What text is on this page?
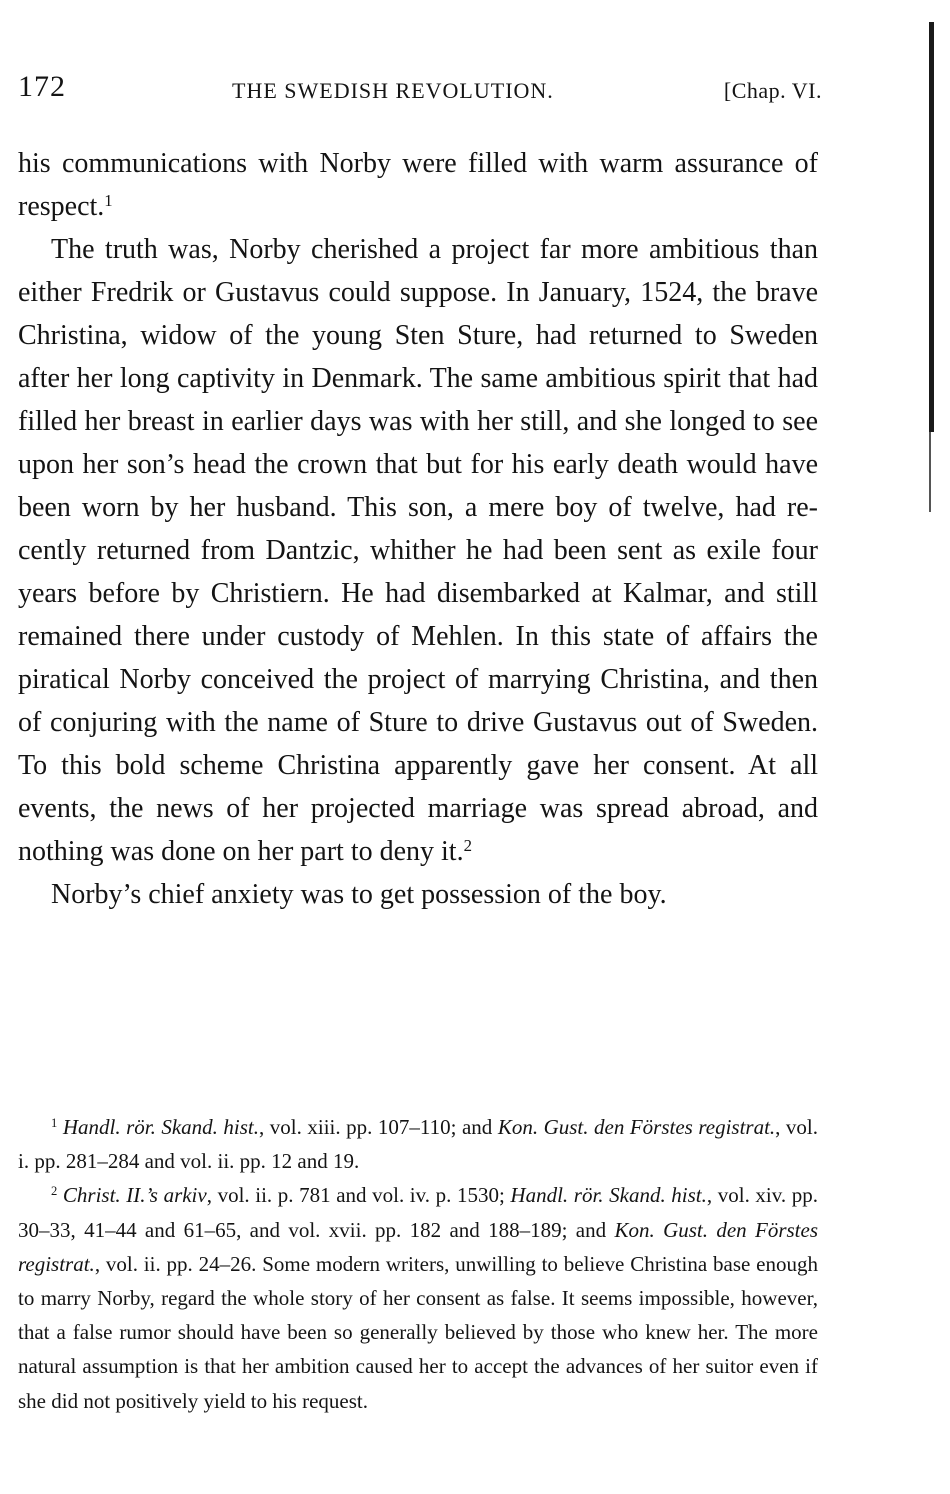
172	THE SWEDISH REVOLUTION.	[Chap. VI.

his communications with Norby were filled with warm assurance of respect.$^1$

The truth was, Norby cherished a project far more ambitious than either Fredrik or Gustavus could suppose. In January, 1524, the brave Christina, widow of the young Sten Sture, had returned to Sweden after her long captivity in Denmark. The same ambitious spirit that had filled her breast in earlier days was with her still, and she longed to see upon her son’s head the crown that but for his early death would have been worn by her husband. This son, a mere boy of twelve, had recently returned from Dantzic, whither he had been sent as exile four years before by Christiern. He had disembarked at Kalmar, and still remained there under custody of Mehlen. In this state of affairs the piratical Norby conceived the project of marrying Christina, and then of conjuring with the name of Sture to drive Gustavus out of Sweden. To this bold scheme Christina apparently gave her consent. At all events, the news of her projected marriage was spread abroad, and nothing was done on her part to deny it.$^2$

Norby’s chief anxiety was to get possession of the boy.

$^1$ Handl. rör. Skand. hist., vol. xiii. pp. 107–110; and Kon. Gust. den Förstes registrat., vol. i. pp. 281–284 and vol. ii. pp. 12 and 19.

$^2$ Christ. II.’s arkiv, vol. ii. p. 781 and vol. iv. p. 1530; Handl. rör. Skand. hist., vol. xiv. pp. 30–33, 41–44 and 61–65, and vol. xvii. pp. 182 and 188–189; and Kon. Gust. den Förstes registrat., vol. ii. pp. 24–26. Some modern writers, unwilling to believe Christina base enough to marry Norby, regard the whole story of her consent as false. It seems impossible, however, that a false rumor should have been so generally believed by those who knew her. The more natural assumption is that her ambition caused her to accept the advances of her suitor even if she did not positively yield to his request.
